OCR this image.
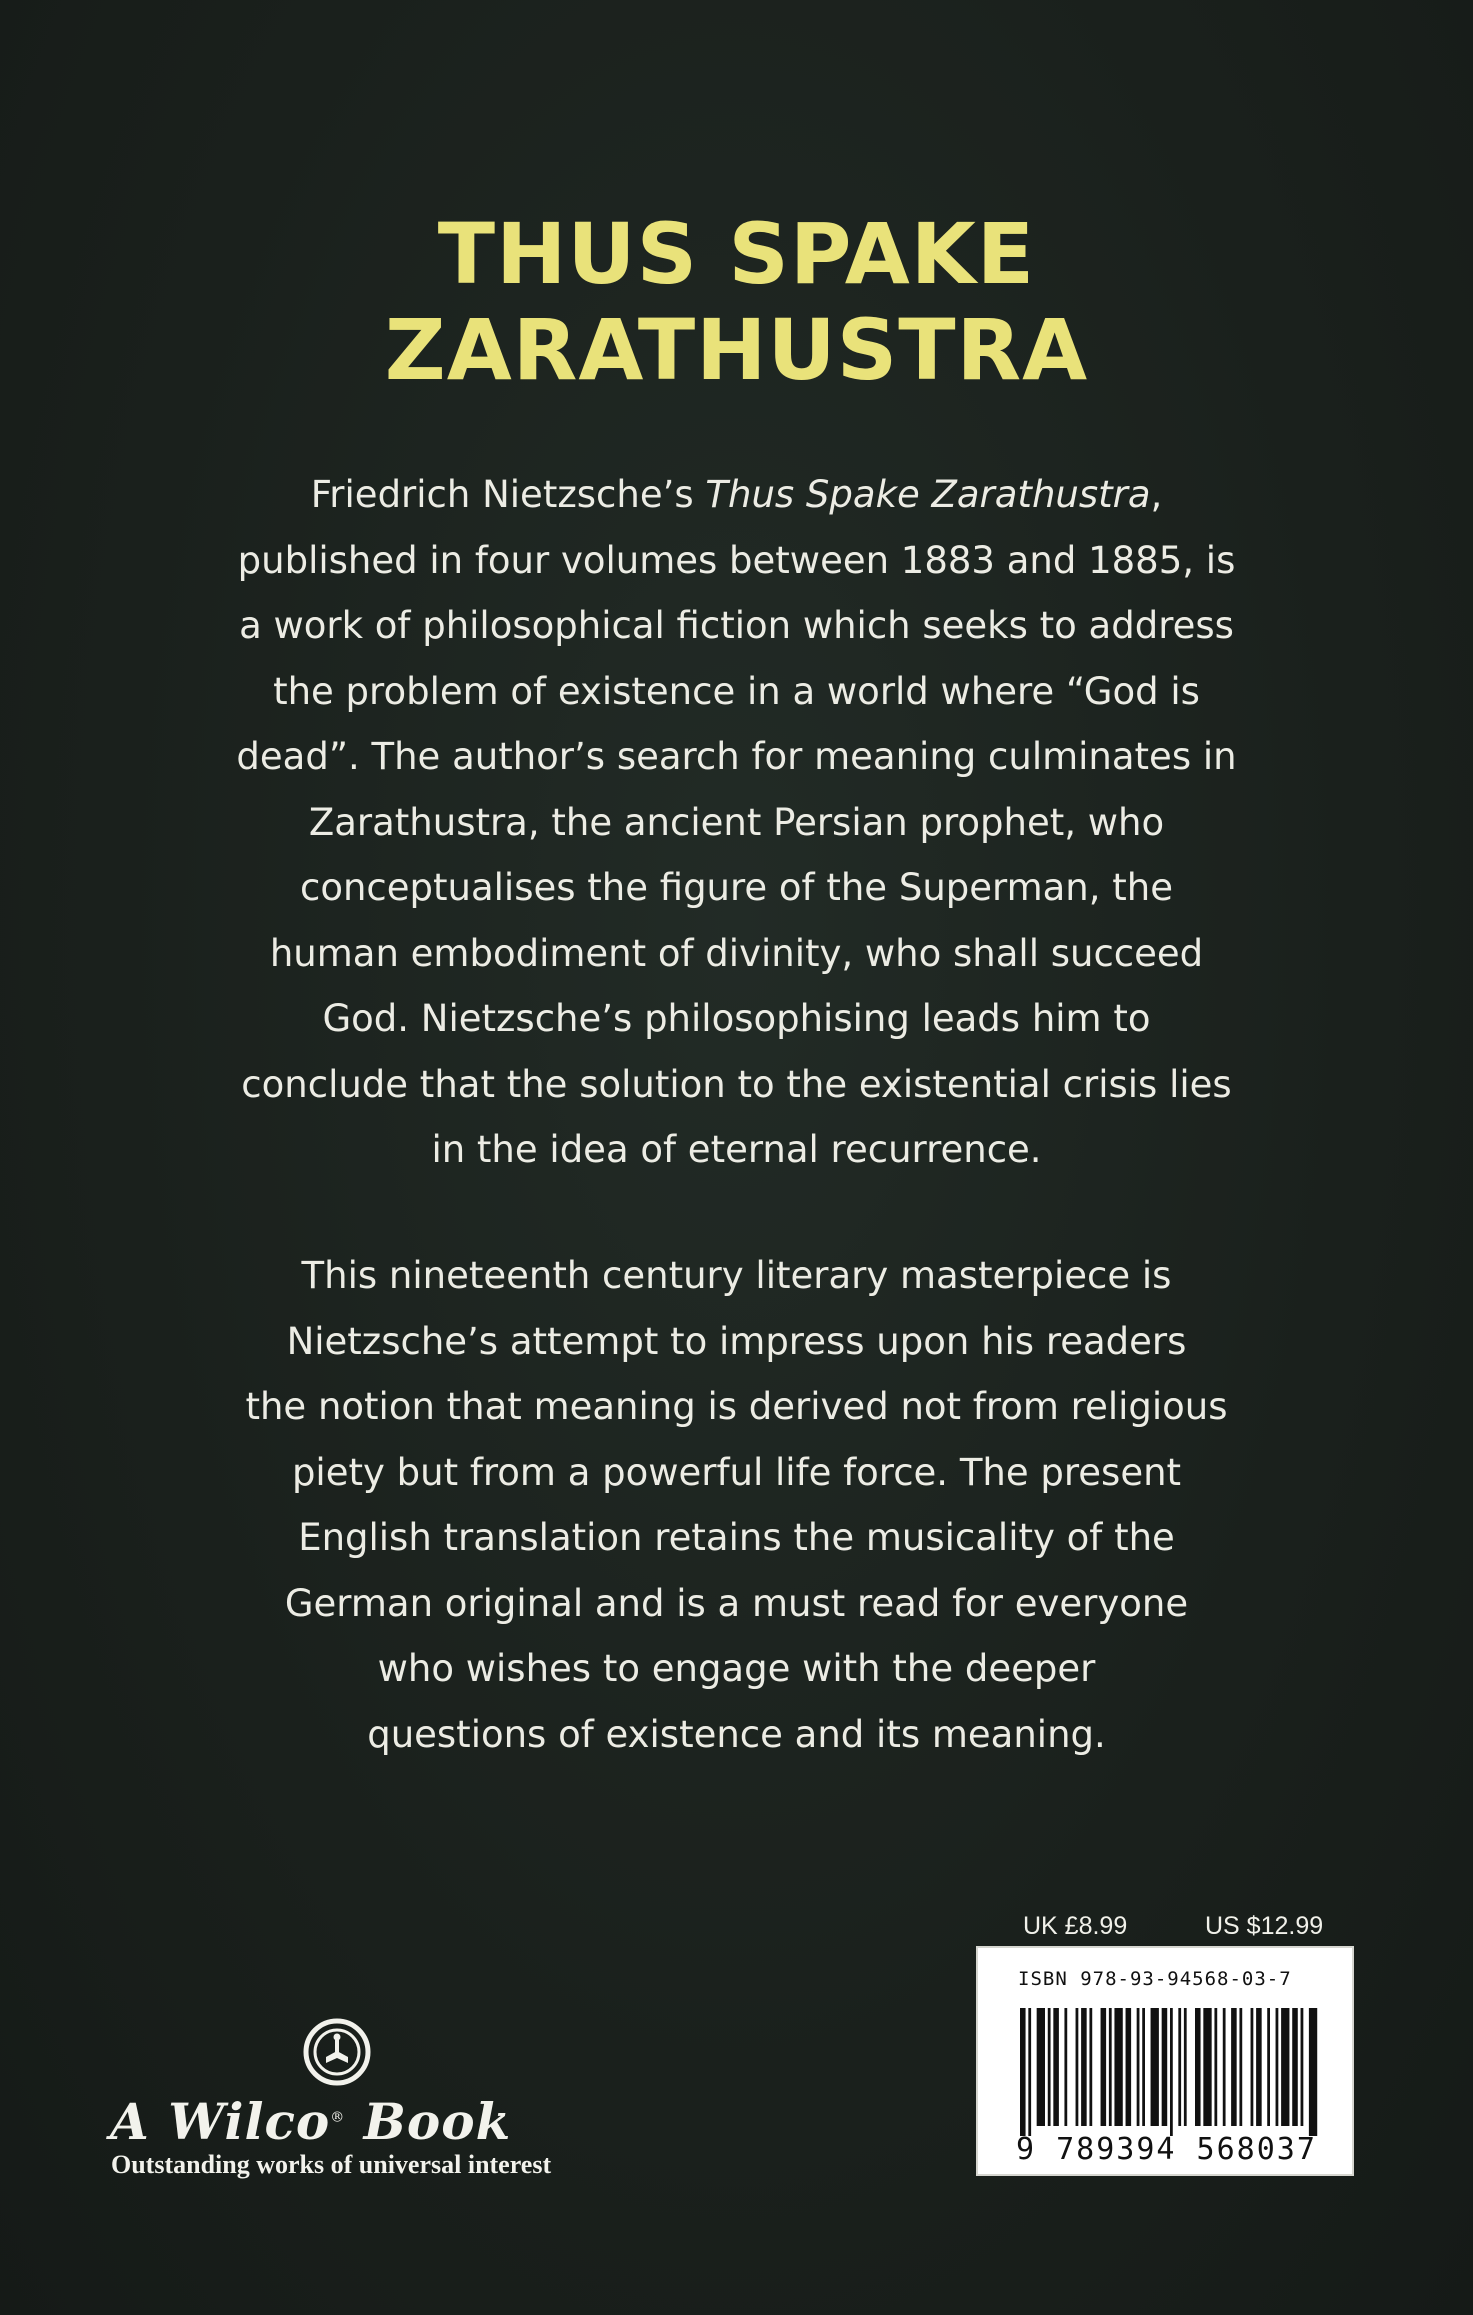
THUS SPAKE
ZARATHUSTRA
Friedrich Nietzsche’s Thus Spake Zarathustra,
published in four volumes between 1883 and 1885, is
a work of philosophical fiction which seeks to address
the problem of existence in a world where “God is
dead”. The author’s search for meaning culminates in
Zarathustra, the ancient Persian prophet, who
conceptualises the figure of the Superman, the
human embodiment of divinity, who shall succeed
God. Nietzsche’s philosophising leads him to
conclude that the solution to the existential crisis lies
in the idea of eternal recurrence.
This nineteenth century literary masterpiece is
Nietzsche’s attempt to impress upon his readers
the notion that meaning is derived not from religious
piety but from a powerful life force. The present
English translation retains the musicality of the
German original and is a must read for everyone
who wishes to engage with the deeper
questions of existence and its meaning.
UK £8.99	US $12.99
ISBN 978-93-94568-03-7
9 789394 568037
A Wilco® Book
Outstanding works of universal interest
